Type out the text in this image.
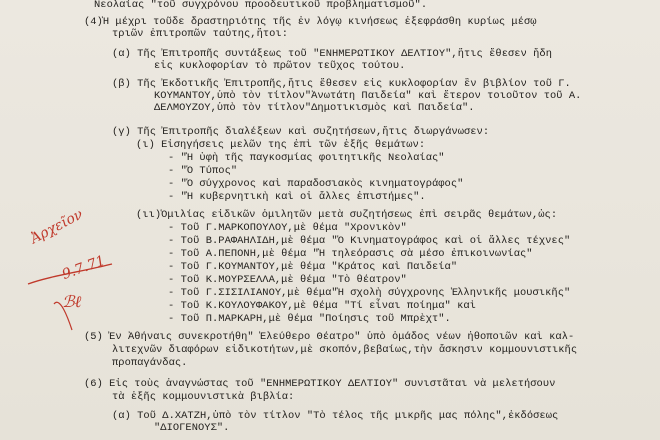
Νεολαίας "τοῦ συγχρόνου προοδευτικοῦ προβληματισμοῦ".
(4)Ἡ μέχρι τοῦδε δραστηριότης τῆς ἐν λόγῳ κινήσεως ἐξεφράσθη κυρίως μέσῳ
τριῶν ἐπιτροπῶν ταύτης,ἤτοι:
(α) Τῆς Ἐπιτροπῆς συντάξεως τοῦ "ΕΝΗΜΕΡΩΤΙΚΟΥ ΔΕΛΤΙΟΥ",ἥτις ἔθεσεν ἤδη
εἰς κυκλοφορίαν τὸ πρῶτον τεῦχος τούτου.
(β) Τῆς Ἐκδοτικῆς Ἐπιτροπῆς,ἥτις ἔθεσεν εἰς κυκλοφορίαν ἓν βιβλίον τοῦ Γ.
ΚΟΥΜΑΝΤΟΥ,ὑπὸ τὸν τίτλον"Ἀνωτάτη Παιδεία" καὶ ἕτερον τοιοῦτον τοῦ Α.
ΔΕΛΜΟΥΖΟΥ,ὑπὸ τὸν τίτλον"Δημοτικισμὸς καὶ Παιδεία".
(γ) Τῆς Ἐπιτροπῆς διαλέξεων καὶ συζητήσεων,ἥτις διωργάνωσεν:
(ι) Εἰσηγήσεις μελῶν της ἐπὶ τῶν ἑξῆς θεμάτων:
- "Ἡ ὑφὴ τῆς παγκοσμίας φοιτητικῆς Νεολαίας"
- "Ὁ Τύπος"
- "Ὁ σύγχρονος καὶ παραδοσιακὸς κινηματογράφος"
- "Ἡ κυβερνητικὴ καὶ οἱ ἄλλες ἐπιστήμες".
(ιι)Ὁμιλίας εἰδικῶν ὁμιλητῶν μετὰ συζητήσεως ἐπὶ σειρᾶς θεμάτων,ὡς:
- Τοῦ Γ.ΜΑΡΚΟΠΟΥΛΟΥ,μὲ θέμα "Χρονικὸν"
- Τοῦ Β.ΡΑΦΑΗΛΙΔΗ,μὲ θέμα "Ὁ Κινηματογράφος καὶ οἱ ἄλλες τέχνες"
- Τοῦ Α.ΠΕΠΟΝΗ,μὲ θέμα "Ἡ τηλεόρασις σὰ μέσο ἐπικοινωνίας"
- Τοῦ Γ.ΚΟΥΜΑΝΤΟΥ,μὲ θέμα "Κράτος καὶ Παιδεία"
- Τοῦ Κ.ΜΟΥΡΣΕΛΛΑ,μὲ θέμα "Τὸ θέατρον"
- Τοῦ Γ.ΣΙΣΙΛΙΑΝΟΥ,μὲ θέμα"Ἡ σχολὴ σύγχρονης Ἑλληνικῆς μουσικῆς"
- Τοῦ Κ.ΚΟΥΛΟΥΦΑΚΟΥ,μὲ θέμα "Τί εἶναι ποίημα" καὶ
- Τοῦ Π.ΜΑΡΚΑΡΗ,μὲ θέμα "Ποίησις τοῦ Μπρὲχτ".
(5) Ἐν Ἀθήναις συνεκροτήθη" Ἐλεύθερο Θέατρο" ὑπὸ ὁμάδος νέων ἠθοποιῶν καὶ καλ-
λιτεχνῶν διαφόρων εἰδικοτήτων,μὲ σκοπόν,βεβαίως,τὴν ἄσκησιν κομμουνιστικῆς
προπαγάνδας.
(6) Εἰς τοὺς ἀναγνώστας τοῦ "ΕΝΗΜΕΡΩΤΙΚΟΥ ΔΕΛΤΙΟΥ" συνιστᾶται νὰ μελετήσουν
τὰ ἑξῆς κομμουνιστικὰ βιβλία:
(α) Τοῦ Δ.ΧΑΤΖΗ,ὑπὸ τὸν τίτλον "Τὸ τέλος τῆς μικρῆς μας πόλης",ἐκδόσεως
"ΔΙΟΓΕΝΟΥΣ".
Ἀρχεῖον
9.7.71
ℬℓ
